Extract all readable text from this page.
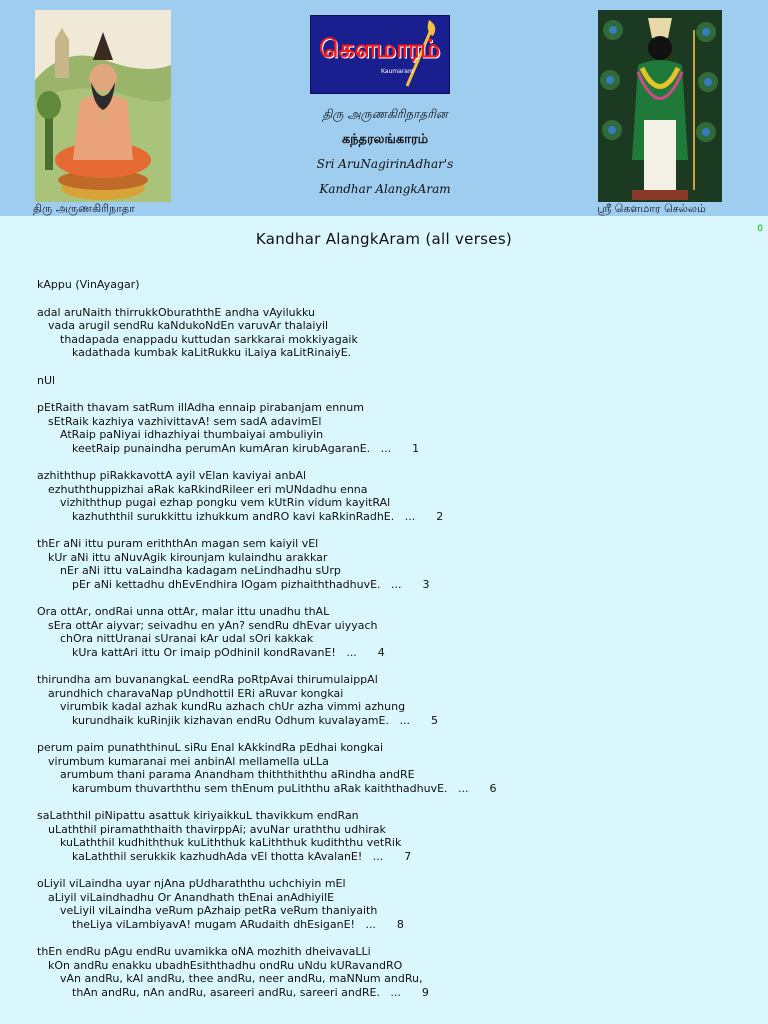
திரு அருணகிரிநாதா
கௌமாரம்
Kaumaram
திரு அருணகிரிநாதரின
கந்தரலங்காரம்
Sri AruNagirinAdhar's
Kandhar AlangkAram
ஸ்ரீ கௌமார செல்லம்
Kandhar AlangkAram (all verses)
0
kAppu (VinAyagar)
adal aruNaith thirrukkOburaththE andha vAyilukku
vada arugil sendRu kaNdukoNdEn varuvAr thalaiyil
thadapada enappadu kuttudan sarkkarai mokkiyagaik
kadathada kumbak kaLitRukku iLaiya kaLitRinaiyE.
nUl
pEtRaith thavam satRum illAdha ennaip pirabanjam ennum
sEtRaik kazhiya vazhivittavA! sem sadA adavimEl
AtRaip paNiyai idhazhiyai thumbaiyai ambuliyin
keetRaip punaindha perumAn kumAran kirubAgaranE.   ...      1
azhiththup piRakkavottA ayil vElan kaviyai anbAl
ezhuththuppizhai aRak kaRkindRileer eri mUNdadhu enna
vizhiththup pugai ezhap pongku vem kUtRin vidum kayitRAl
kazhuththil surukkittu izhukkum andRO kavi kaRkinRadhE.   ...      2
thEr aNi ittu puram eriththAn magan sem kaiyil vEl
kUr aNi ittu aNuvAgik kirounjam kulaindhu arakkar
nEr aNi ittu vaLaindha kadagam neLindhadhu sUrp
pEr aNi kettadhu dhEvEndhira lOgam pizhaiththadhuvE.   ...      3
Ora ottAr, ondRai unna ottAr, malar ittu unadhu thAL
sEra ottAr aiyvar; seivadhu en yAn? sendRu dhEvar uiyyach
chOra nittUranai sUranai kAr udal sOri kakkak
kUra kattAri ittu Or imaip pOdhinil kondRavanE!   ...      4
thirundha am buvanangkaL eendRa poRtpAvai thirumulaippAl
arundhich charavaNap pUndhottil ERi aRuvar kongkai
virumbik kadal azhak kundRu azhach chUr azha vimmi azhung
kurundhaik kuRinjik kizhavan endRu Odhum kuvalayamE.   ...      5
perum paim punaththinuL siRu Enal kAkkindRa pEdhai kongkai
virumbum kumaranai mei anbinAl mellamella uLLa
arumbum thani parama Anandham thiththiththu aRindha andRE
karumbum thuvarththu sem thEnum puLiththu aRak kaiththadhuvE.   ...      6
saLaththil piNipattu asattuk kiriyaikkuL thavikkum endRan
uLaththil piramaththaith thavirppAi; avuNar uraththu udhirak
kuLaththil kudhiththuk kuLiththuk kaLiththuk kudiththu vetRik
kaLaththil serukkik kazhudhAda vEl thotta kAvalanE!   ...      7
oLiyil viLaindha uyar njAna pUdharaththu uchchiyin mEl
aLiyil viLaindhadhu Or Anandhath thEnai anAdhiyilE
veLiyil viLaindha veRum pAzhaip petRa veRum thaniyaith
theLiya viLambiyavA! mugam ARudaith dhEsiganE!   ...      8
thEn endRu pAgu endRu uvamikka oNA mozhith dheivavaLLi
kOn andRu enakku ubadhEsiththadhu ondRu uNdu kURavandRO
vAn andRu, kAl andRu, thee andRu, neer andRu, maNNum andRu,
thAn andRu, nAn andRu, asareeri andRu, sareeri andRE.   ...      9
